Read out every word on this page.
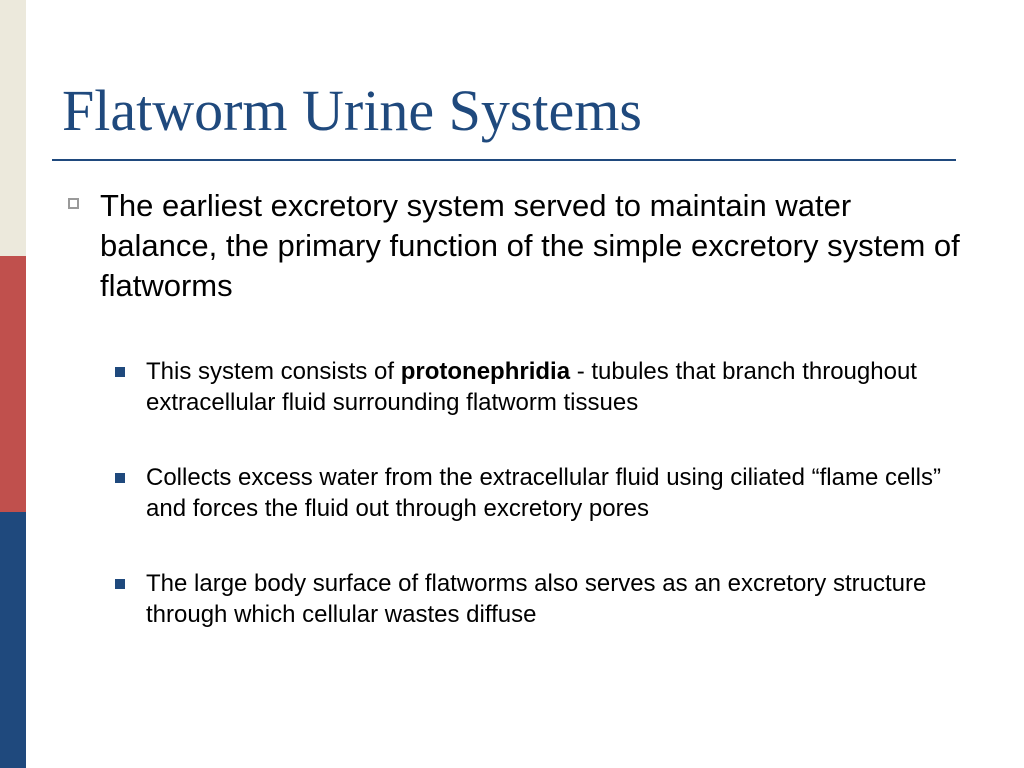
Flatworm Urine Systems
The earliest excretory system served to maintain water balance, the primary function of the simple excretory system of flatworms
This system consists of protonephridia - tubules that branch throughout extracellular fluid surrounding flatworm tissues
Collects excess water from the extracellular fluid using ciliated “flame cells” and forces the fluid out through excretory pores
The large body surface of flatworms also serves as an excretory structure through which cellular wastes diffuse
